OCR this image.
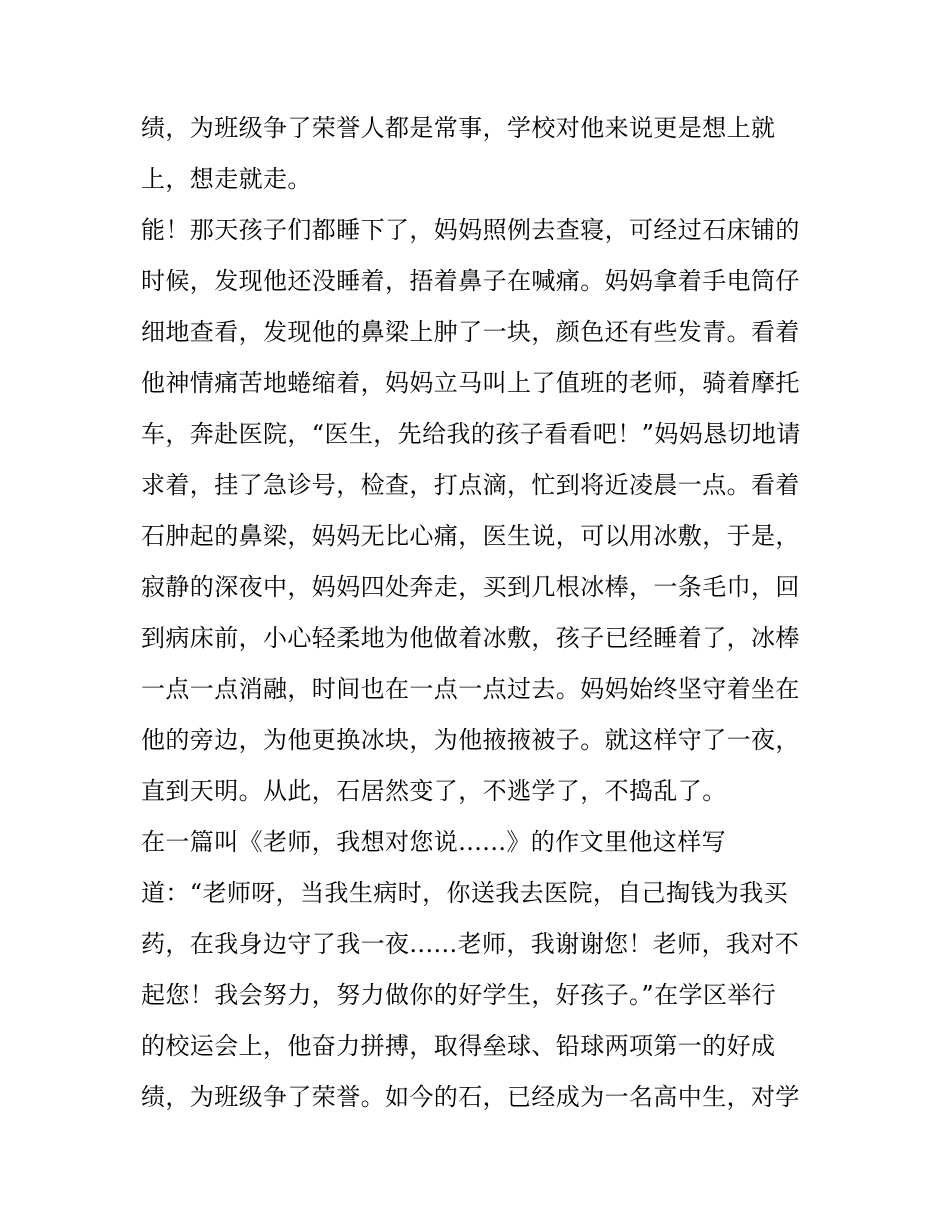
绩，为班级争了荣誉人都是常事，学校对他来说更是想上就
上，想走就走。
能！那天孩子们都睡下了，妈妈照例去查寝，可经过石床铺的
时候，发现他还没睡着，捂着鼻子在喊痛。妈妈拿着手电筒仔
细地查看，发现他的鼻梁上肿了一块，颜色还有些发青。看着
他神情痛苦地蜷缩着，妈妈立马叫上了值班的老师，骑着摩托
车，奔赴医院，“医生，先给我的孩子看看吧！”妈妈恳切地请
求着，挂了急诊号，检查，打点滴，忙到将近凌晨一点。看着
石肿起的鼻梁，妈妈无比心痛，医生说，可以用冰敷，于是，
寂静的深夜中，妈妈四处奔走，买到几根冰棒，一条毛巾，回
到病床前，小心轻柔地为他做着冰敷，孩子已经睡着了，冰棒
一点一点消融，时间也在一点一点过去。妈妈始终坚守着坐在
他的旁边，为他更换冰块，为他掖掖被子。就这样守了一夜，
直到天明。从此，石居然变了，不逃学了，不捣乱了。
在一篇叫《老师，我想对您说......》的作文里他这样写
道：“老师呀，当我生病时，你送我去医院，自己掏钱为我买
药，在我身边守了我一夜......老师，我谢谢您！老师，我对不
起您！我会努力，努力做你的好学生，好孩子。”在学区举行
的校运会上，他奋力拼搏，取得垒球、铅球两项第一的好成
绩，为班级争了荣誉。如今的石，已经成为一名高中生，对学
